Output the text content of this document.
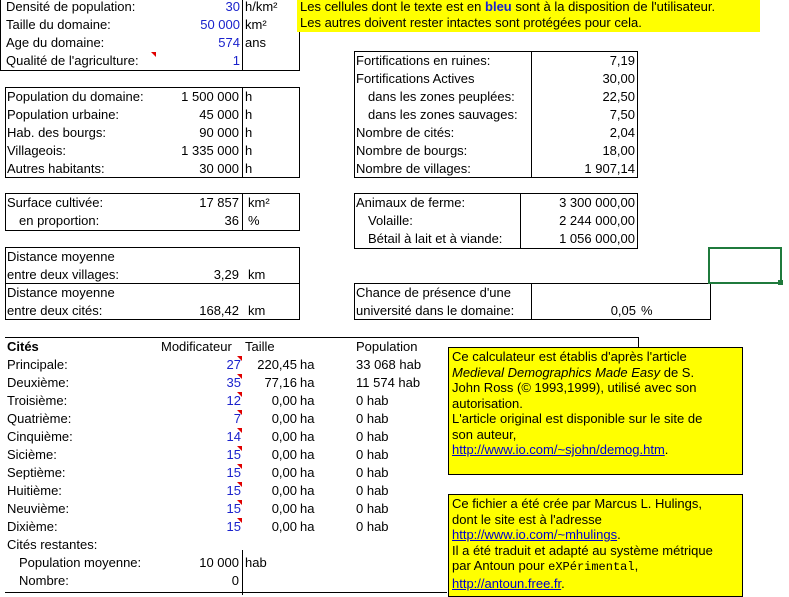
Densité de population:	30 h/km²
Taille du domaine:	50 000 km²
Age du domaine:	574 ans
Qualité de l'agriculture:	1
Les cellules dont le texte est en bleu sont à la disposition de l'utilisateur.
Les autres doivent rester intactes sont protégées pour cela.
Population du domaine:	1 500 000 h
Population urbaine:	45 000 h
Hab. des bourgs:	90 000 h
Villageois:	1 335 000 h
Autres habitants:	30 000 h
Fortifications en ruines:	7,19
Fortifications Actives	30,00
dans les zones peuplées:	22,50
dans les zones sauvages:	7,50
Nombre de cités:	2,04
Nombre de bourgs:	18,00
Nombre de villages:	1 907,14
Surface cultivée:	17 857 km²
en proportion:	36 %
Animaux de ferme:	3 300 000,00
Volaille:	2 244 000,00
Bétail à lait et à viande:	1 056 000,00
Distance moyenne
entre deux villages:	3,29 km
Distance moyenne
entre deux cités:	168,42 km
Chance de présence d'une
université dans le domaine:	0,05 %
Cités	Modificateur Taille	Population
Principale:	27	220,45 ha	33 068 hab
Deuxième:	35	77,16 ha	11 574 hab
Troisième:	12	0,00 ha	0 hab
Quatrième:	7	0,00 ha	0 hab
Cinquième:	14	0,00 ha	0 hab
Sicième:	15	0,00 ha	0 hab
Septième:	15	0,00 ha	0 hab
Huitième:	15	0,00 ha	0 hab
Neuvième:	15	0,00 ha	0 hab
Dixième:	15	0,00 ha	0 hab
Cités restantes:
Population moyenne:	10 000 hab
Nombre:	0
Ce calculateur est établis d'après l'article
Medieval Demographics Made Easy de S.
John Ross (© 1993,1999), utilisé avec son
autorisation.
L'article original est disponible sur le site de
son auteur,
http://www.io.com/~sjohn/demog.htm.
Ce fichier a été crée par Marcus L. Hulings,
dont le site est à l'adresse
http://www.io.com/~mhulings.
Il a été traduit et adapté au système métrique
par Antoun pour eXPérimental,
http://antoun.free.fr.
